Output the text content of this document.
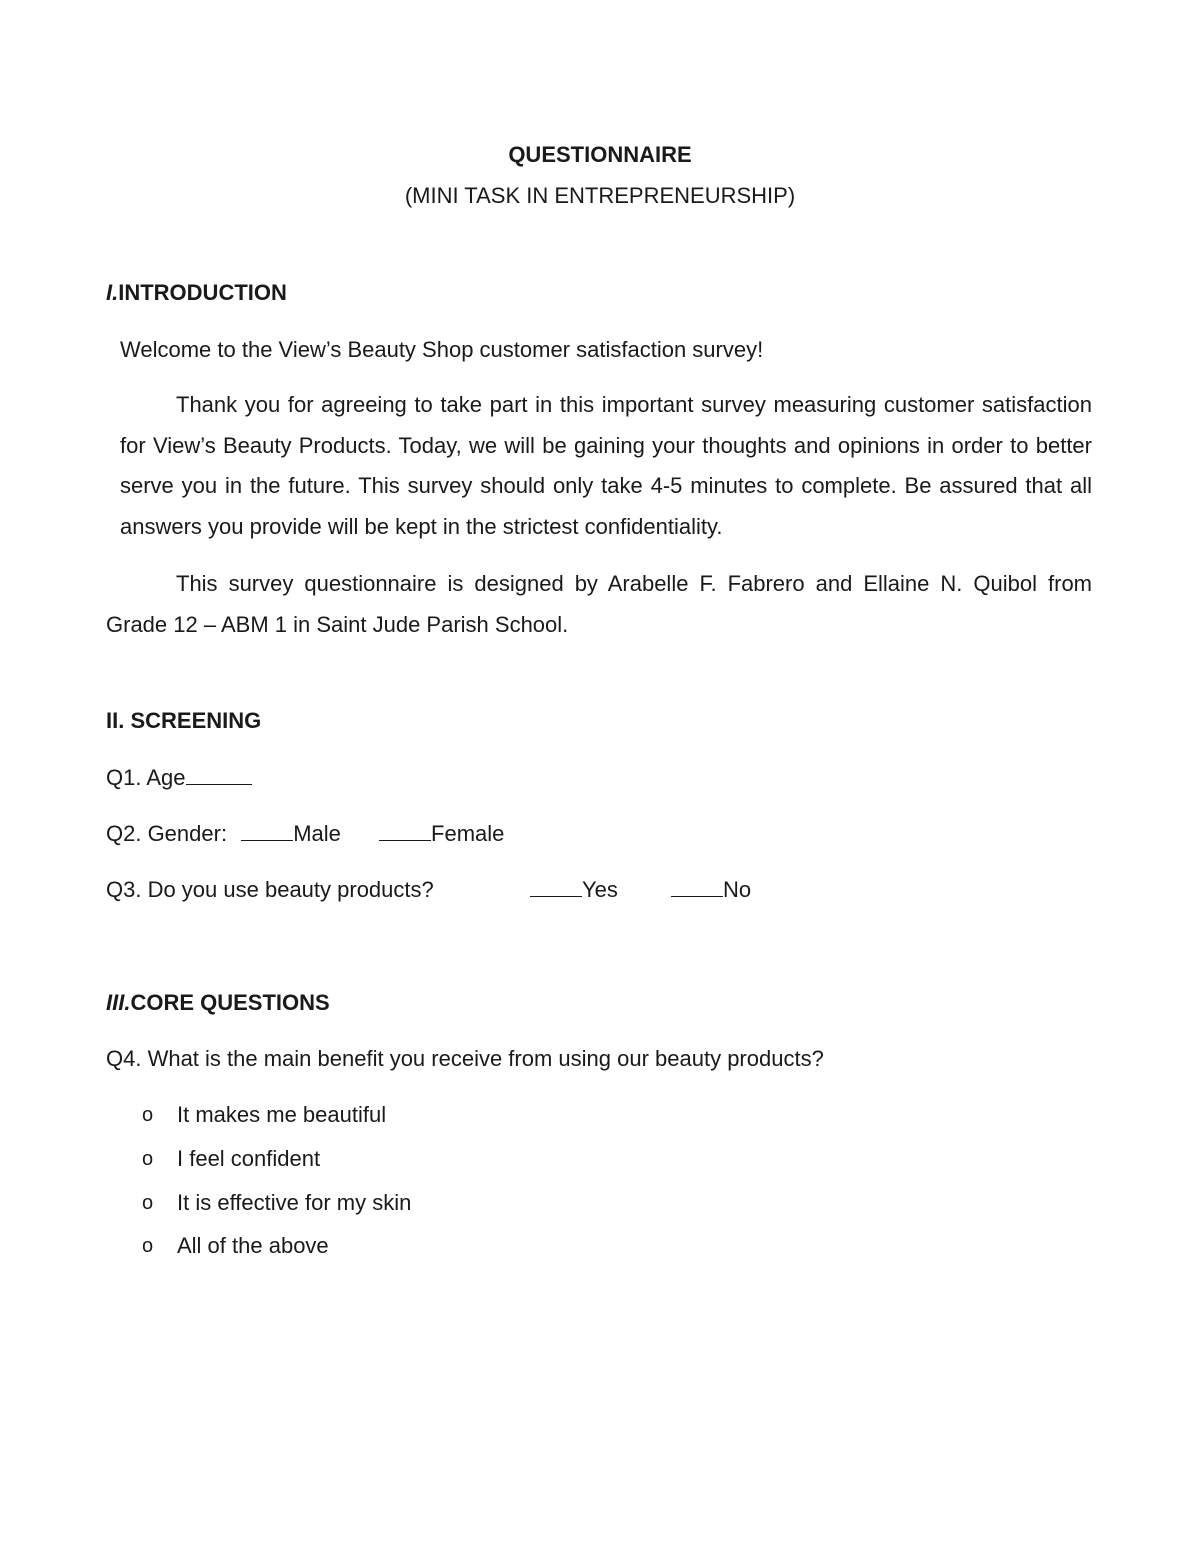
QUESTIONNAIRE
(MINI TASK IN ENTREPRENEURSHIP)
I.INTRODUCTION
Welcome to the View’s Beauty Shop customer satisfaction survey!
Thank you for agreeing to take part in this important survey measuring customer satisfaction for View’s Beauty Products. Today, we will be gaining your thoughts and opinions in order to better serve you in the future. This survey should only take 4-5 minutes to complete. Be assured that all answers you provide will be kept in the strictest confidentiality.
This survey questionnaire is designed by Arabelle F. Fabrero and Ellaine N. Quibol from Grade 12 – ABM 1 in Saint Jude Parish School.
II. SCREENING
Q1. Age
Q2. Gender:	Male	Female
Q3. Do you use beauty products?	Yes	No
III.CORE QUESTIONS
Q4. What is the main benefit you receive from using our beauty products?
o It makes me beautiful
o I feel confident
o It is effective for my skin
o All of the above
